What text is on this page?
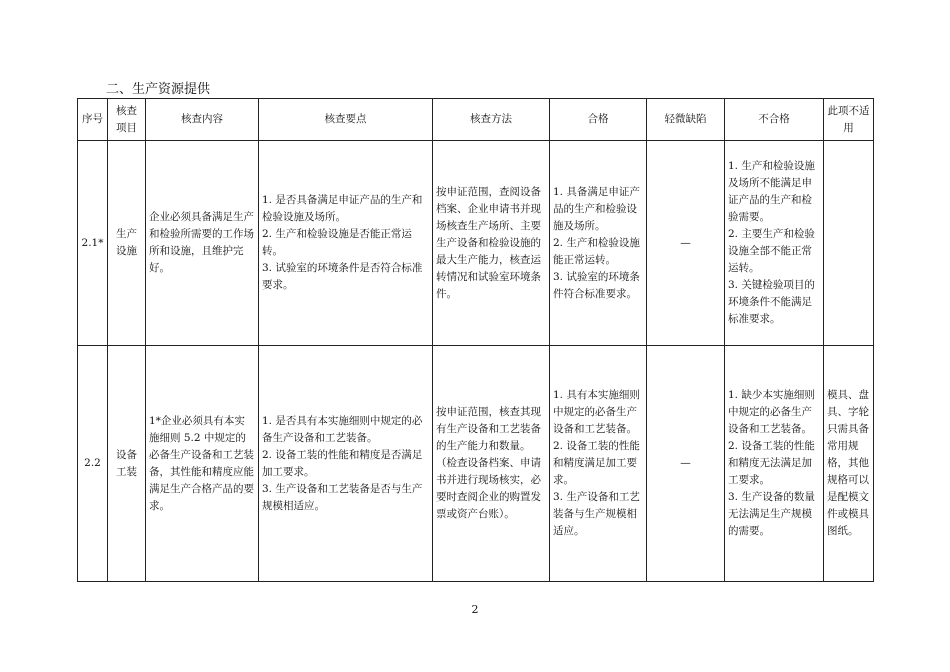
二、生产资源提供
序号	核查项目	核查内容	核查要点	核查方法	合格	轻微缺陷	不合格	此项不适用
2.1*	生产设施	企业必须具备满足生产和检验所需要的工作场所和设施，且维护完好。	1. 是否具备满足申证产品的生产和检验设施及场所。
2. 生产和检验设施是否能正常运转。
3. 试验室的环境条件是否符合标准要求。	按申证范围，查阅设备档案、企业申请书并现场核查生产场所、主要生产设备和检验设施的最大生产能力，核查运转情况和试验室环境条件。	1. 具备满足申证产品的生产和检验设施及场所。
2. 生产和检验设施能正常运转。
3. 试验室的环境条件符合标准要求。	—	1. 生产和检验设施及场所不能满足申证产品的生产和检验需要。
2. 主要生产和检验设施全部不能正常运转。
3. 关键检验项目的环境条件不能满足标准要求。	

2.2	设备工装	1*企业必须具有本实施细则 5.2 中规定的必备生产设备和工艺装备，其性能和精度应能满足生产合格产品的要求。	1. 是否具有本实施细则中规定的必备生产设备和工艺装备。
2. 设备工装的性能和精度是否满足加工要求。
3. 生产设备和工艺装备是否与生产规模相适应。	按申证范围，核查其现有生产设备和工艺装备的生产能力和数量。（检查设备档案、申请书并进行现场核实，必要时查阅企业的购置发票或资产台账）。	1. 具有本实施细则中规定的必备生产设备和工艺装备。
2. 设备工装的性能和精度满足加工要求。
3. 生产设备和工艺装备与生产规模相适应。	—	1. 缺少本实施细则中规定的必备生产设备和工艺装备。
2. 设备工装的性能和精度无法满足加工要求。
3. 生产设备的数量无法满足生产规模的需要。	模具、盘具、字轮只需具备常用规格，其他规格可以是配模文件或模具图纸。
2
